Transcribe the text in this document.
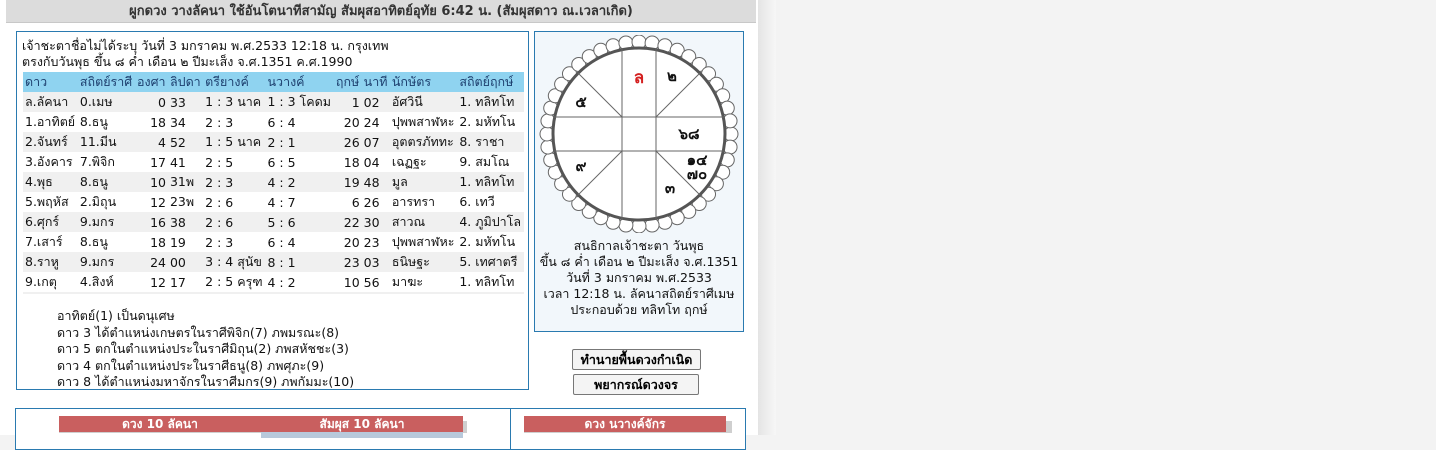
ผูกดวง วางลัคนา ใช้อันโตนาทีสามัญ สัมผุสอาทิตย์อุทัย 6:42 น. (สัมผุสดาว ณ.เวลาเกิด)
เจ้าชะตาชื่อไม่ได้ระบุ วันที่ 3 มกราคม พ.ศ.2533 12:18 น. กรุงเทพ
ตรงกับวันพุธ ขึ้น ๘ ค่ำ เดือน ๒ ปีมะเส็ง จ.ศ.1351 ค.ศ.1990
ดาว	สถิตย์ราศี	องศา	ลิปดา	ตรียางค์	นวางค์	ฤกษ์	นาที	นักษัตร	สถิตย์ฤกษ์
ล.ลัคนา	0.เมษ	0	33	1 : 3 นาค	1 : 3 โคดม	1	02	อัศวินี	1. ทลิทโท
1.อาทิตย์	8.ธนู	18	34	2 : 3	6 : 4	20	24	ปุพพสาฬหะ	2. มหัทโน
2.จันทร์	11.มีน	4	52	1 : 5 นาค	2 : 1	26	07	อุตตรภัททะ	8. ราชา
3.อังคาร	7.พิจิก	17	41	2 : 5	6 : 5	18	04	เฉฏฐะ	9. สมโณ
4.พุธ	8.ธนู	10	31พ	2 : 3	4 : 2	19	48	มูล	1. ทลิทโท
5.พฤหัส	2.มิถุน	12	23พ	2 : 6	4 : 7	6	26	อารทรา	6. เทวี
6.ศุกร์	9.มกร	16	38	2 : 6	5 : 6	22	30	สาวณ	4. ภูมิปาโล
7.เสาร์	8.ธนู	18	19	2 : 3	6 : 4	20	23	ปุพพสาฬหะ	2. มหัทโน
8.ราหู	9.มกร	24	00	3 : 4 สุนัข	8 : 1	23	03	ธนิษฐะ	5. เทศาตรี
9.เกตุ	4.สิงห์	12	17	2 : 5 ครุฑ	4 : 2	10	56	มาฆะ	1. ทลิทโท

อาทิตย์(1) เป็นดนุเศษ
ดาว 3 ได้ตำแหน่งเกษตรในราศีพิจิก(7) ภพมรณะ(8)
ดาว 5 ตกในตำแหน่งประในราศีมิถุน(2) ภพสหัชชะ(3)
ดาว 4 ตกในตำแหน่งประในราศีธนู(8) ภพศุภะ(9)
ดาว 8 ได้ตำแหน่งมหาจักรในราศีมกร(9) ภพกัมมะ(10)
ล ๒
๕
๖๘
๑๔
๗๐
๙
๓
สนธิกาลเจ้าชะตา วันพุธ
ขึ้น ๘ ค่ำ เดือน ๒ ปีมะเส็ง จ.ศ.1351
วันที่ 3 มกราคม พ.ศ.2533
เวลา 12:18 น. ลัคนาสถิตย์ราศีเมษ
ประกอบด้วย ทลิทโท ฤกษ์
ทำนายพื้นดวงกำเนิด
พยากรณ์ดวงจร
ดวง 10 ลัคนา	สัมผุส 10 ลัคนา	ดวง นวางค์จักร
